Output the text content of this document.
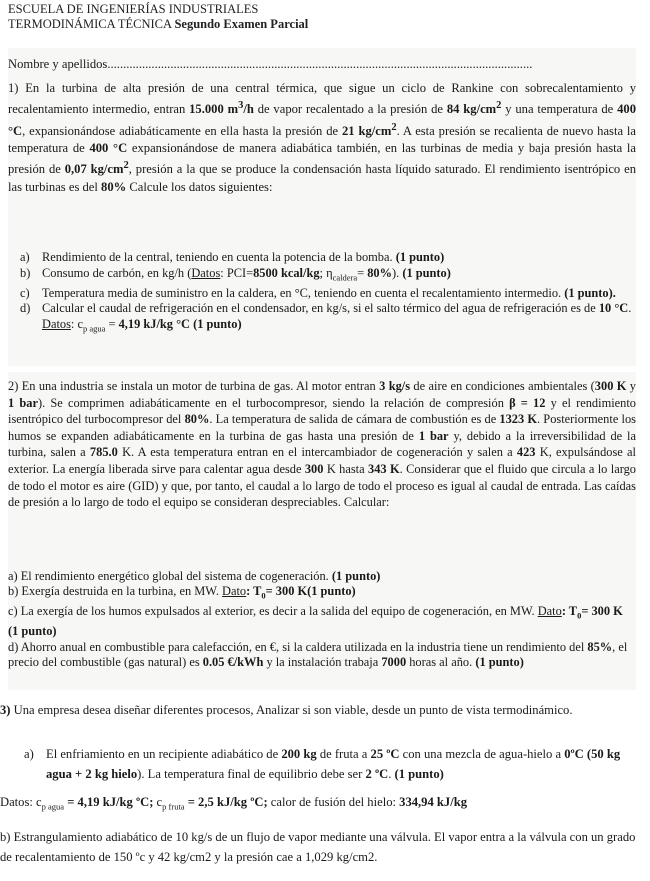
ESCUELA DE INGENIERÍAS INDUSTRIALES
TERMODINÁMICA TÉCNICA Segundo Examen Parcial
Nombre y apellidos.......................................................................................................................................
1) En la turbina de alta presión de una central térmica, que sigue un ciclo de Rankine con sobrecalentamiento y recalentamiento intermedio, entran 15.000 $m^3/h$ de vapor recalentado a la presión de 84 $kg/cm^2$ y una temperatura de 400 °C, expansionándose adiabáticamente en ella hasta la presión de 21 $kg/cm^2$. A esta presión se recalienta de nuevo hasta la temperatura de 400 °C expansionándose de manera adiabática también, en las turbinas de media y baja presión hasta la presión de 0,07 $kg/cm^2$, presión a la que se produce la condensación hasta líquido saturado. El rendimiento isentrópico en las turbinas es del 80% Calcule los datos siguientes:
a) Rendimiento de la central, teniendo en cuenta la potencia de la bomba. (1 punto)
b) Consumo de carbón, en kg/h (Datos: PCI=8500 kcal/kg; $\eta_{caldera}= 80\%$). (1 punto)
c) Temperatura media de suministro en la caldera, en °C, teniendo en cuenta el recalentamiento intermedio. (1 punto).
d) Calcular el caudal de refrigeración en el condensador, en kg/s, si el salto térmico del agua de refrigeración es de 10 °C. Datos: $c_{p agua} = 4,19$ kJ/kg °C (1 punto)
2) En una industria se instala un motor de turbina de gas. Al motor entran 3 kg/s de aire en condiciones ambientales (300 K y 1 bar). Se comprimen adiabáticamente en el turbocompresor, siendo la relación de compresión β = 12 y el rendimiento isentrópico del turbocompresor del 80%. La temperatura de salida de cámara de combustión es de 1323 K. Posteriormente los humos se expanden adiabáticamente en la turbina de gas hasta una presión de 1 bar y, debido a la irreversibilidad de la turbina, salen a 785.0 K. A esta temperatura entran en el intercambiador de cogeneración y salen a 423 K, expulsándose al exterior. La energía liberada sirve para calentar agua desde 300 K hasta 343 K. Considerar que el fluido que circula a lo largo de todo el motor es aire (GID) y que, por tanto, el caudal a lo largo de todo el proceso es igual al caudal de entrada. Las caídas de presión a lo largo de todo el equipo se consideran despreciables. Calcular:
a) El rendimiento energético global del sistema de cogeneración. (1 punto)
b) Exergía destruida en la turbina, en MW. Dato: $T_0= 300$ K(1 punto)
c) La exergía de los humos expulsados al exterior, es decir a la salida del equipo de cogeneración, en MW. Dato: $T_0= 300$ K (1 punto)
d) Ahorro anual en combustible para calefacción, en €, si la caldera utilizada en la industria tiene un rendimiento del 85%, el precio del combustible (gas natural) es 0.05 €/kWh y la instalación trabaja 7000 horas al año. (1 punto)
3) Una empresa desea diseñar diferentes procesos, Analizar si son viable, desde un punto de vista termodinámico.
a) El enfriamiento en un recipiente adiabático de 200 kg de fruta a 25 ºC con una mezcla de agua-hielo a 0ºC (50 kg agua + 2 kg hielo). La temperatura final de equilibrio debe ser 2 ºC. (1 punto)
Datos: $c_{p agua} = 4,19$ kJ/kg ºC; $c_{p fruta} = 2,5$ kJ/kg ºC; calor de fusión del hielo: 334,94 kJ/kg
b) Estrangulamiento adiabático de 10 kg/s de un flujo de vapor mediante una válvula. El vapor entra a la válvula con un grado de recalentamiento de 150 ºc y 42 kg/cm2 y la presión cae a 1,029 kg/cm2.
